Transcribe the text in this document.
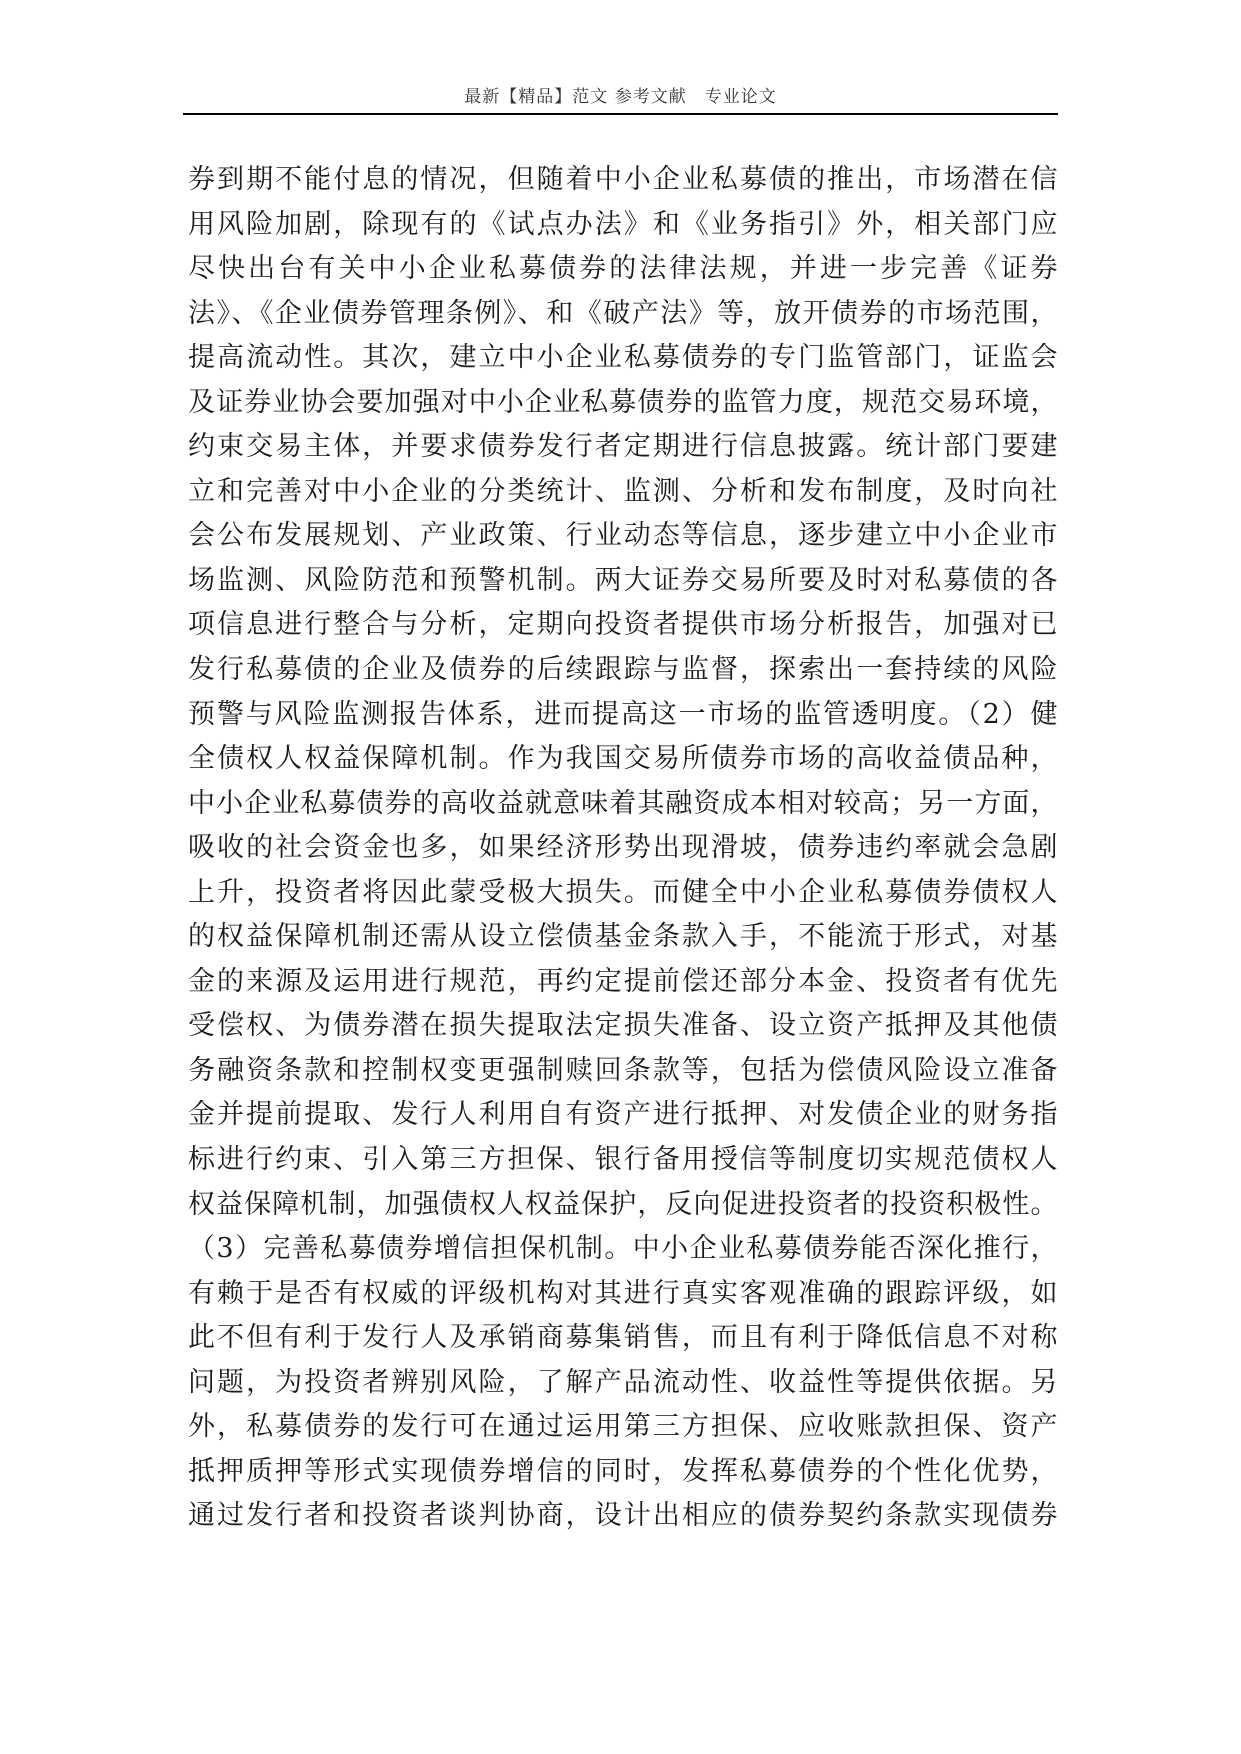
最新【精品】范文 参考文献　专业论文
券到期不能付息的情况，但随着中小企业私募债的推出，市场潜在信
用风险加剧，除现有的《试点办法》和《业务指引》外，相关部门应
尽快出台有关中小企业私募债券的法律法规，并进一步完善《证券
法》、《企业债券管理条例》、和《破产法》等，放开债券的市场范围，
提高流动性。其次，建立中小企业私募债券的专门监管部门，证监会
及证券业协会要加强对中小企业私募债券的监管力度，规范交易环境，
约束交易主体，并要求债券发行者定期进行信息披露。统计部门要建
立和完善对中小企业的分类统计、监测、分析和发布制度，及时向社
会公布发展规划、产业政策、行业动态等信息，逐步建立中小企业市
场监测、风险防范和预警机制。两大证券交易所要及时对私募债的各
项信息进行整合与分析，定期向投资者提供市场分析报告，加强对已
发行私募债的企业及债券的后续跟踪与监督，探索出一套持续的风险
预警与风险监测报告体系，进而提高这一市场的监管透明度。（2）健
全债权人权益保障机制。作为我国交易所债券市场的高收益债品种，
中小企业私募债券的高收益就意味着其融资成本相对较高；另一方面，
吸收的社会资金也多，如果经济形势出现滑坡，债券违约率就会急剧
上升，投资者将因此蒙受极大损失。而健全中小企业私募债券债权人
的权益保障机制还需从设立偿债基金条款入手，不能流于形式，对基
金的来源及运用进行规范，再约定提前偿还部分本金、投资者有优先
受偿权、为债券潜在损失提取法定损失准备、设立资产抵押及其他债
务融资条款和控制权变更强制赎回条款等，包括为偿债风险设立准备
金并提前提取、发行人利用自有资产进行抵押、对发债企业的财务指
标进行约束、引入第三方担保、银行备用授信等制度切实规范债权人
权益保障机制，加强债权人权益保护，反向促进投资者的投资积极性。
（3）完善私募债券增信担保机制。中小企业私募债券能否深化推行，
有赖于是否有权威的评级机构对其进行真实客观准确的跟踪评级，如
此不但有利于发行人及承销商募集销售，而且有利于降低信息不对称
问题，为投资者辨别风险，了解产品流动性、收益性等提供依据。另
外，私募债券的发行可在通过运用第三方担保、应收账款担保、资产
抵押质押等形式实现债券增信的同时，发挥私募债券的个性化优势，
通过发行者和投资者谈判协商，设计出相应的债券契约条款实现债券
